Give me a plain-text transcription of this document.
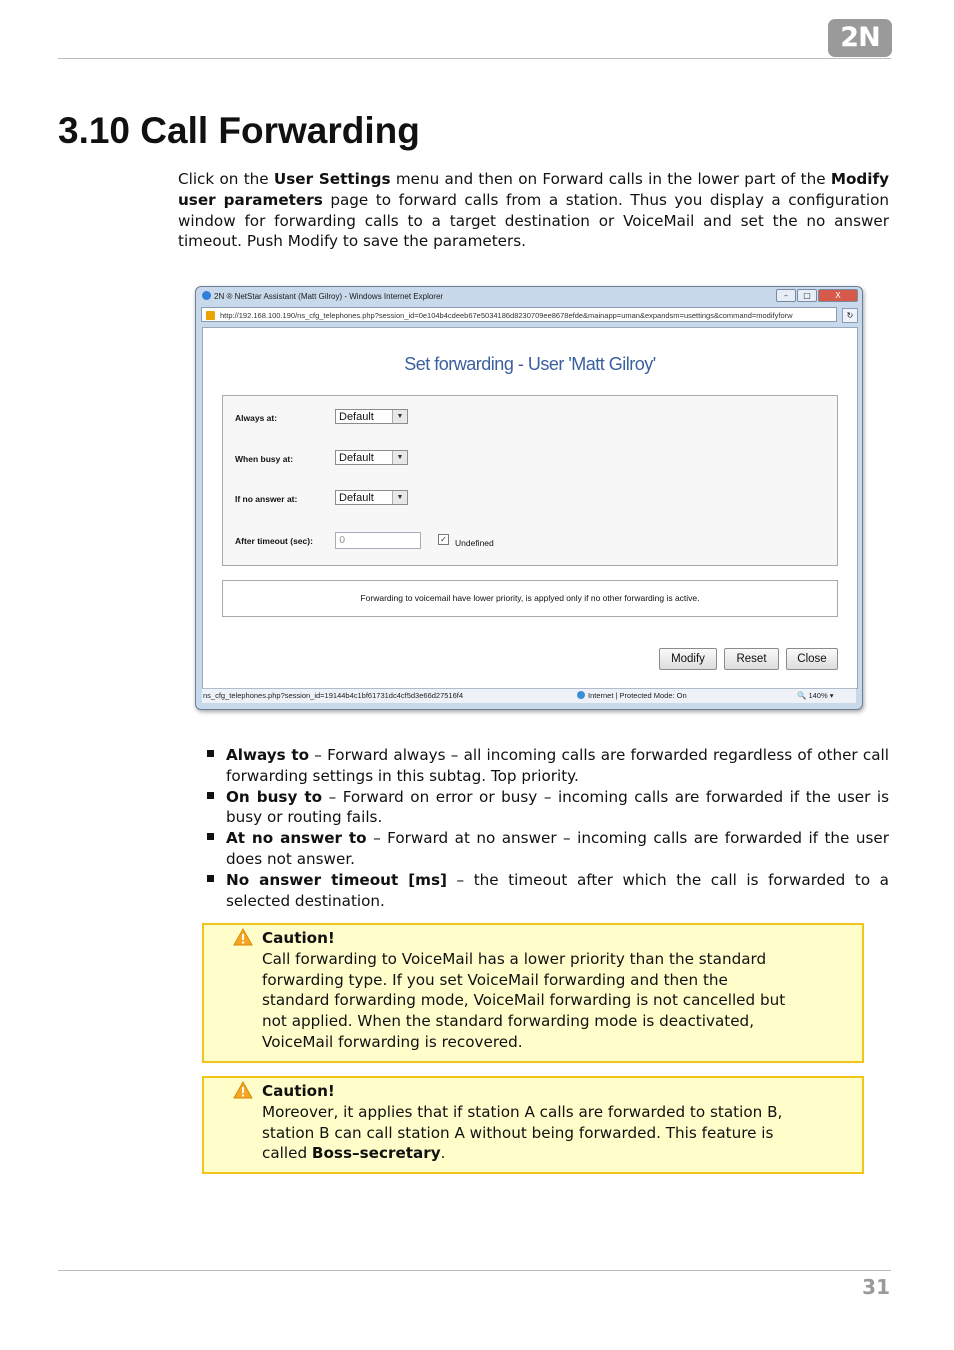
2N
3.10 Call Forwarding

Click on the User Settings menu and then on Forward calls in the lower part of the Modify user parameters page to forward calls from a station. Thus you display a configuration window for forwarding calls to a target destination or VoiceMail and set the no answer timeout. Push Modify to save the parameters.

2N ® NetStar Assistant (Matt Gilroy) - Windows Internet Explorer	–	□	X
http://192.168.100.190/ns_cfg_telephones.php?session_id=0e104b4cdeeb67e5034186d8230709ee8678efde&mainapp=uman&expandsm=usettings&command=modifyforw	↻
Set forwarding - User 'Matt Gilroy'
Always at:	Default	▼
When busy at:	Default	▼
If no answer at:	Default	▼
After timeout (sec):	0	✓ Undefined
Forwarding to voicemail have lower priority, is applyed only if no other forwarding is active.
Modify	Reset	Close
ns_cfg_telephones.php?session_id=19144b4c1bf61731dc4cf5d3e66d27516f4	Internet | Protected Mode: On	🔍 140% ▾

Always to – Forward always – all incoming calls are forwarded regardless of other call forwarding settings in this subtag. Top priority.

On busy to – Forward on error or busy – incoming calls are forwarded if the user is busy or routing fails.

At no answer to – Forward at no answer – incoming calls are forwarded if the user does not answer.

No answer timeout [ms] – the timeout after which the call is forwarded to a selected destination.

Caution!
Call forwarding to VoiceMail has a lower priority than the standard
forwarding type. If you set VoiceMail forwarding and then the
standard forwarding mode, VoiceMail forwarding is not cancelled but
not applied. When the standard forwarding mode is deactivated,
VoiceMail forwarding is recovered.
Caution!
Moreover, it applies that if station A calls are forwarded to station B,
station B can call station A without being forwarded. This feature is
called Boss–secretary.
31
